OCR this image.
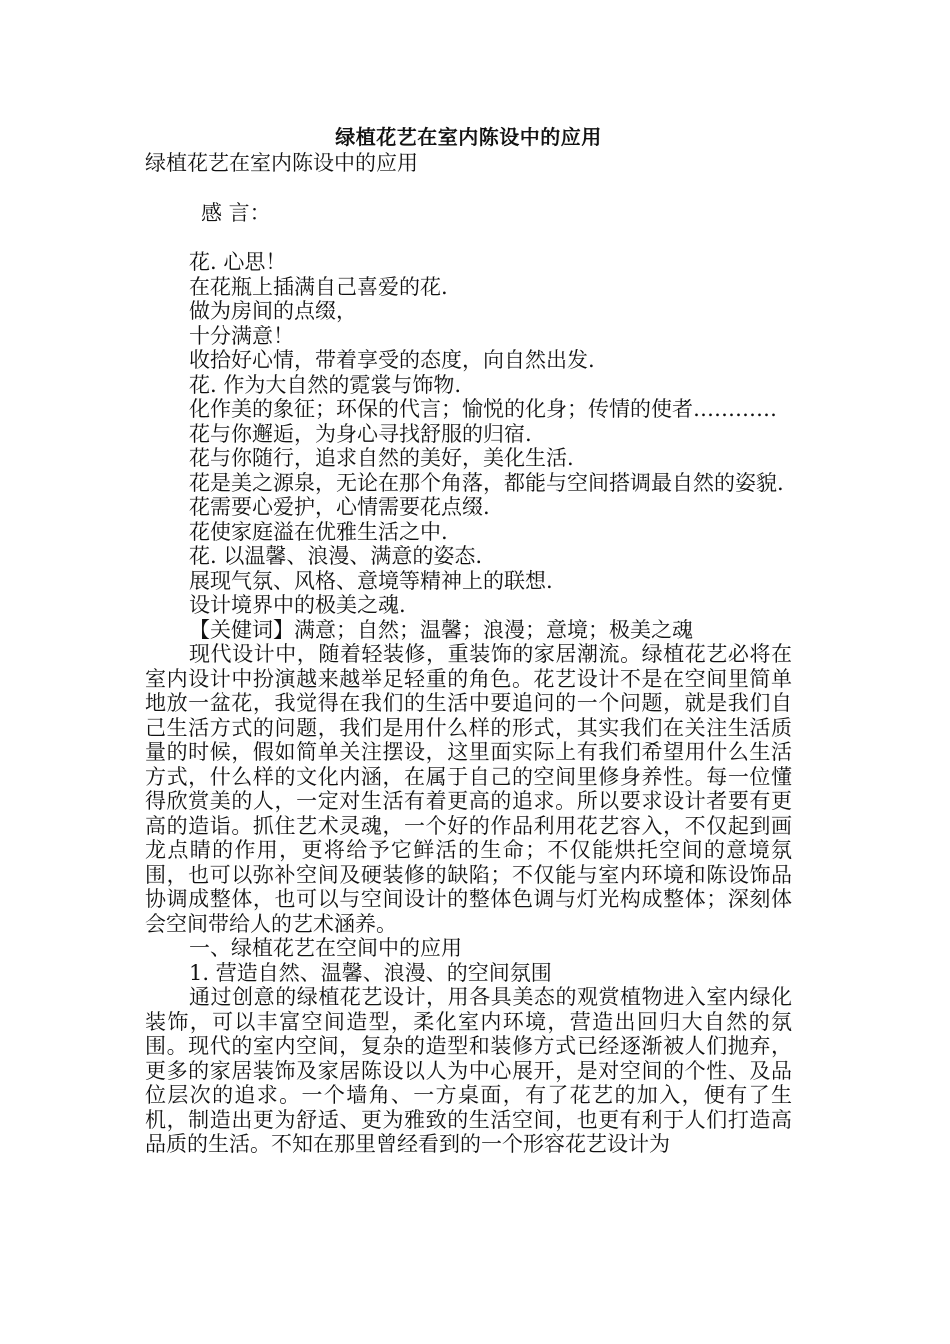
绿植花艺在室内陈设中的应用

绿植花艺在室内陈设中的应用

感 言：

花. 心思！

在花瓶上插满自己喜爱的花.

做为房间的点缀，

十分满意！

收拾好心情，带着享受的态度，向自然出发.

花. 作为大自然的霓裳与饰物.

化作美的象征；环保的代言；愉悦的化身；传情的使者…………

花与你邂逅，为身心寻找舒服的归宿.

花与你随行，追求自然的美好，美化生活.

花是美之源泉，无论在那个角落，都能与空间搭调最自然的姿貌.

花需要心爱护，心情需要花点缀.

花使家庭溢在优雅生活之中.

花. 以温馨、浪漫、满意的姿态.

展现气氛、风格、意境等精神上的联想.

设计境界中的极美之魂.

【关健词】满意；自然；温馨；浪漫；意境；极美之魂

现代设计中，随着轻装修，重装饰的家居潮流。绿植花艺必将在室内设计中扮演越来越举足轻重的角色。花艺设计不是在空间里简单地放一盆花，我觉得在我们的生活中要追问的一个问题，就是我们自己生活方式的问题，我们是用什么样的形式，其实我们在关注生活质量的时候，假如简单关注摆设，这里面实际上有我们希望用什么生活方式，什么样的文化内涵，在属于自己的空间里修身养性。每一位懂得欣赏美的人，一定对生活有着更高的追求。所以要求设计者要有更高的造诣。抓住艺术灵魂，一个好的作品利用花艺容入，不仅起到画龙点睛的作用，更将给予它鲜活的生命；不仅能烘托空间的意境氛围，也可以弥补空间及硬装修的缺陷；不仅能与室内环境和陈设饰品协调成整体，也可以与空间设计的整体色调与灯光构成整体；深刻体会空间带给人的艺术涵养。

一、绿植花艺在空间中的应用

1. 营造自然、温馨、浪漫、的空间氛围

通过创意的绿植花艺设计，用各具美态的观赏植物进入室内绿化装饰，可以丰富空间造型，柔化室内环境，营造出回归大自然的氛围。现代的室内空间，复杂的造型和装修方式已经逐渐被人们抛弃，更多的家居装饰及家居陈设以人为中心展开，是对空间的个性、及品位层次的追求。一个墙角、一方桌面，有了花艺的加入，便有了生机，制造出更为舒适、更为雅致的生活空间，也更有利于人们打造高品质的生活。不知在那里曾经看到的一个形容花艺设计为
